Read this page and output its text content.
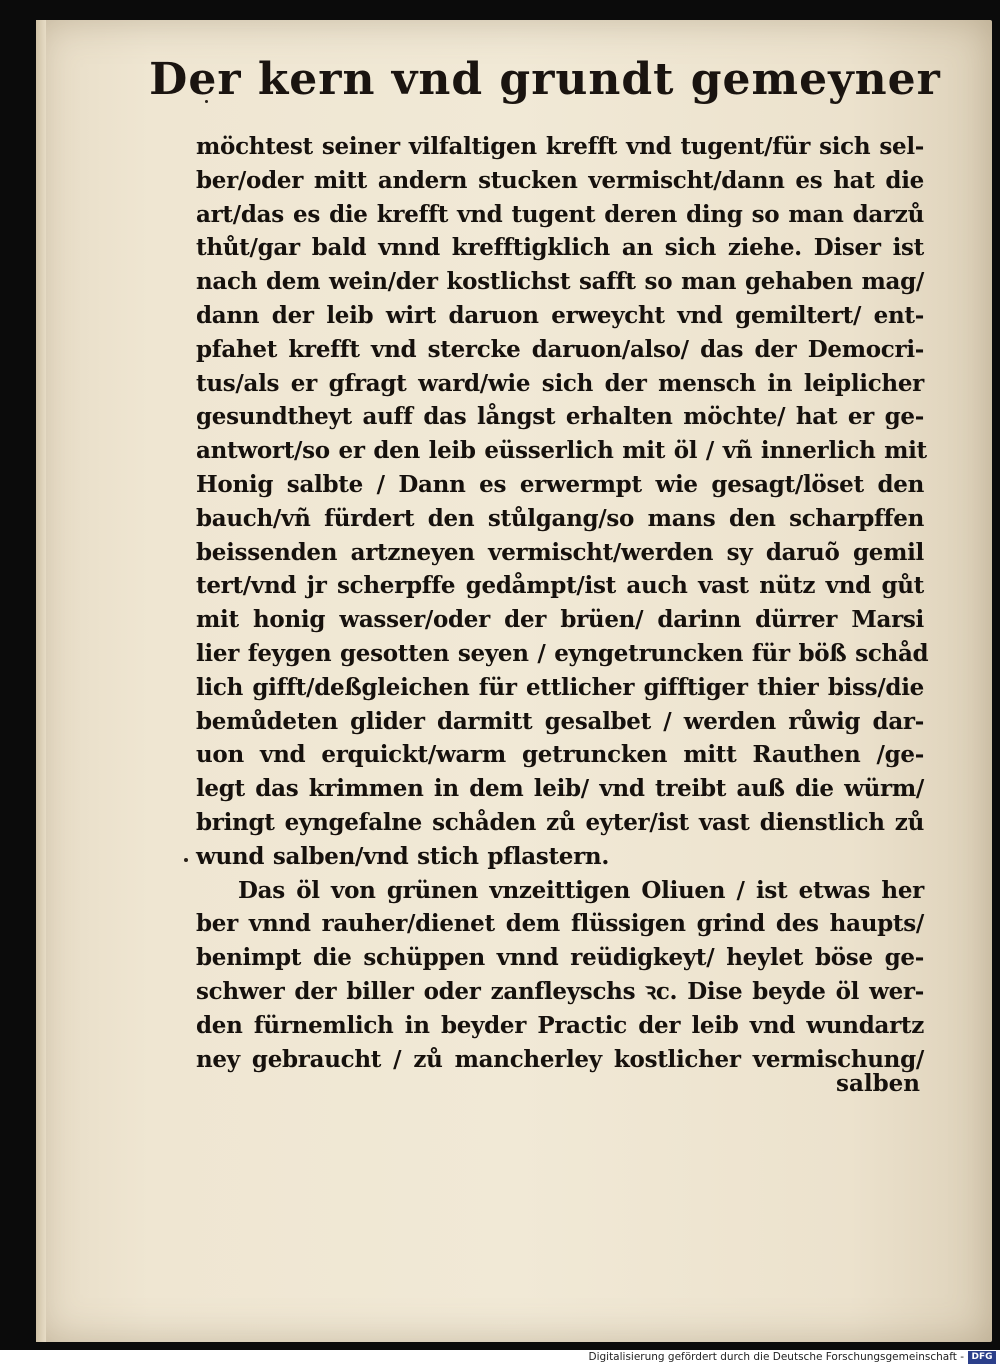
Der kern vnd grundt gemeyner
möchtest seiner vilfaltigen krefft vnd tugent/für sich sel-
ber/oder mitt andern stucken vermischt/dann es hat die
art/das es die krefft vnd tugent deren ding so man darzů
thůt/gar bald vnnd krefftigklich an sich ziehe. Diser ist
nach dem wein/der kostlichst safft so man gehaben mag/
dann der leib wirt daruon erweycht vnd gemiltert/ ent-
pfahet krefft vnd stercke daruon/also/ das der Democri-
tus/als er gfragt ward/wie sich der mensch in leiplicher
gesundtheyt auff das långst erhalten möchte/ hat er ge-
antwort/so er den leib eüsserlich mit öl / vñ innerlich mit
Honig salbte / Dann es erwermpt wie gesagt/löset den
bauch/vñ fürdert den stůlgang/so mans den scharpffen
beissenden artzneyen vermischt/werden sy daruõ gemil
tert/vnd jr scherpffe gedåmpt/ist auch vast nütz vnd gůt
mit honig wasser/oder der brüen/ darinn dürrer Marsi
lier feygen gesotten seyen / eyngetruncken für böß schåd
lich gifft/deßgleichen für ettlicher gifftiger thier biss/die
bemůdeten glider darmitt gesalbet / werden růwig dar-
uon vnd erquickt/warm getruncken mitt Rauthen /ge-
legt das krimmen in dem leib/ vnd treibt auß die würm/
bringt eyngefalne schåden zů eyter/ist vast dienstlich zů
wund salben/vnd stich pflastern.
Das öl von grünen vnzeittigen Oliuen / ist etwas her
ber vnnd rauher/dienet dem flüssigen grind des haupts/
benimpt die schüppen vnnd reüdigkeyt/ heylet böse ge-
schwer der biller oder zanfleyschs ꝛc. Dise beyde öl wer-
den fürnemlich in beyder Practic der leib vnd wundartz
ney gebraucht / zů mancherley kostlicher vermischung/
salben
Digitalisierung gefördert durch die Deutsche Forschungsgemeinschaft - DFG
